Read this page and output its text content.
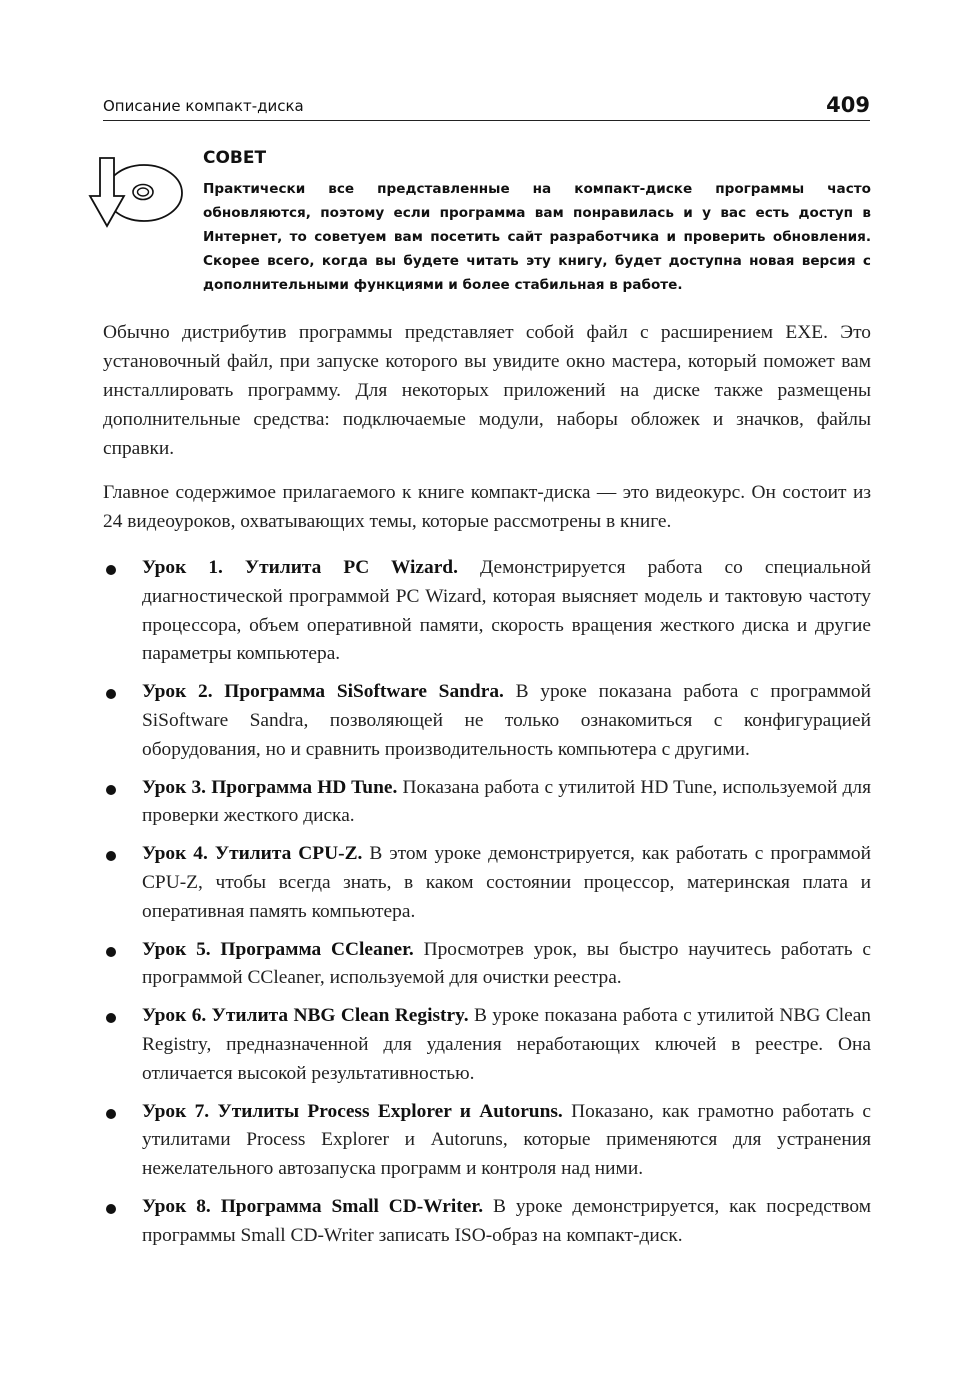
Описание компакт-диска	409
СОВЕТ

Практически все представленные на компакт-диске программы часто обновляются, поэтому если программа вам понравилась и у вас есть доступ в Интернет, то советуем вам посетить сайт разработчика и проверить обновления. Скорее всего, когда вы будете читать эту книгу, будет доступна новая версия с дополнительными функциями и более стабильная в работе.

Обычно дистрибутив программы представляет собой файл с расширением EXE. Это установочный файл, при запуске которого вы увидите окно мастера, который поможет вам инсталлировать программу. Для некоторых приложений на диске также размещены дополнительные средства: подключаемые модули, наборы обложек и значков, файлы справки.

Главное содержимое прилагаемого к книге компакт-диска — это видеокурс. Он состоит из 24 видеоуроков, охватывающих темы, которые рассмотрены в книге.

Урок 1. Утилита PC Wizard. Демонстрируется работа со специальной диагностической программой PC Wizard, которая выясняет модель и тактовую частоту процессора, объем оперативной памяти, скорость вращения жесткого диска и другие параметры компьютера.
Урок 2. Программа SiSoftware Sandra. В уроке показана работа с программой SiSoftware Sandra, позволяющей не только ознакомиться с конфигурацией оборудования, но и сравнить производительность компьютера с другими.
Урок 3. Программа HD Tune. Показана работа с утилитой HD Tune, используемой для проверки жесткого диска.
Урок 4. Утилита CPU-Z. В этом уроке демонстрируется, как работать с программой CPU-Z, чтобы всегда знать, в каком состоянии процессор, материнская плата и оперативная память компьютера.
Урок 5. Программа CCleaner. Просмотрев урок, вы быстро научитесь работать с программой CCleaner, используемой для очистки реестра.
Урок 6. Утилита NBG Clean Registry. В уроке показана работа с утилитой NBG Clean Registry, предназначенной для удаления неработающих ключей в реестре. Она отличается высокой результативностью.
Урок 7. Утилиты Process Explorer и Autoruns. Показано, как грамотно работать с утилитами Process Explorer и Autoruns, которые применяются для устранения нежелательного автозапуска программ и контроля над ними.
Урок 8. Программа Small CD-Writer. В уроке демонстрируется, как посредством программы Small CD-Writer записать ISO-образ на компакт-диск.
